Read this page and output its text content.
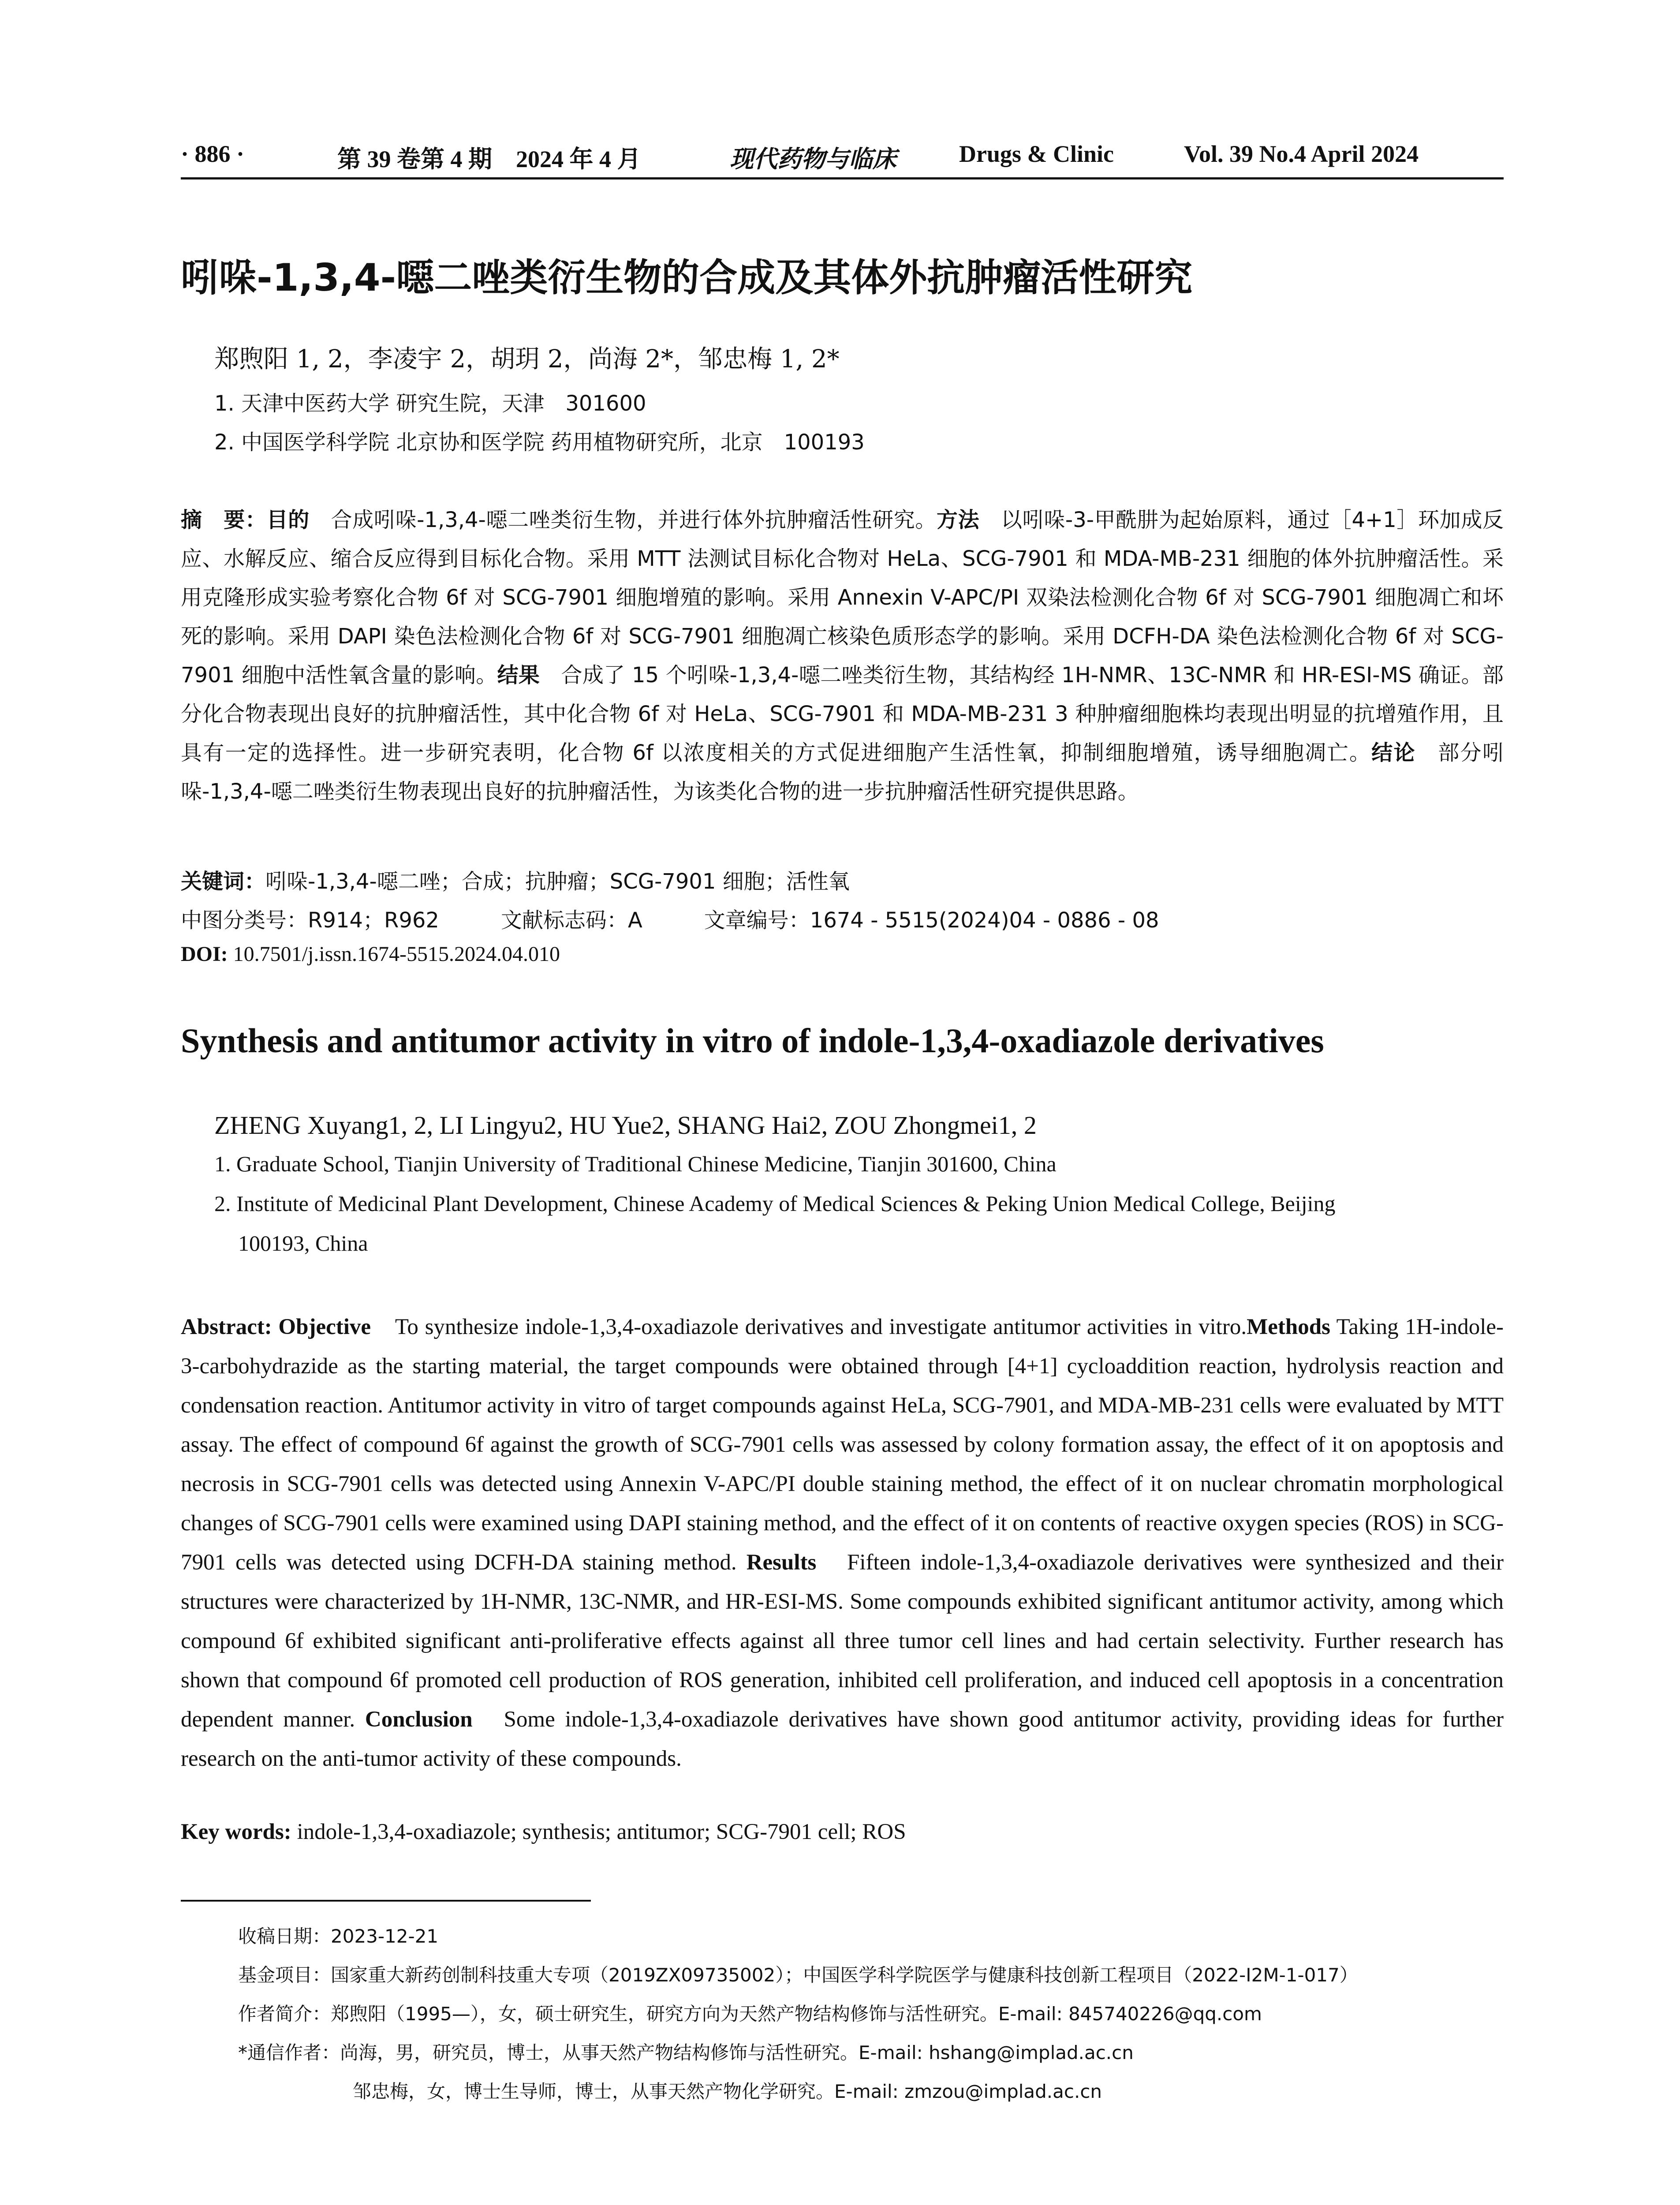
· 886 ·	第 39 卷第 4 期　2024 年 4 月	现代药物与临床	Drugs & Clinic	Vol. 39 No.4 April 2024
吲哚-1,3,4-噁二唑类衍生物的合成及其体外抗肿瘤活性研究
郑煦阳 1, 2，李凌宇 2，胡玥 2，尚海 2*，邹忠梅 1, 2*
1. 天津中医药大学 研究生院，天津　301600
2. 中国医学科学院 北京协和医学院 药用植物研究所，北京　100193
摘　要：目的　合成吲哚-1,3,4-噁二唑类衍生物，并进行体外抗肿瘤活性研究。方法　以吲哚-3-甲酰肼为起始原料，通过［4+1］环加成反应、水解反应、缩合反应得到目标化合物。采用 MTT 法测试目标化合物对 HeLa、SCG-7901 和 MDA-MB-231 细胞的体外抗肿瘤活性。采用克隆形成实验考察化合物 6f 对 SCG-7901 细胞增殖的影响。采用 Annexin V-APC/PI 双染法检测化合物 6f 对 SCG-7901 细胞凋亡和坏死的影响。采用 DAPI 染色法检测化合物 6f 对 SCG-7901 细胞凋亡核染色质形态学的影响。采用 DCFH-DA 染色法检测化合物 6f 对 SCG-7901 细胞中活性氧含量的影响。结果　合成了 15 个吲哚-1,3,4-噁二唑类衍生物，其结构经 1H-NMR、13C-NMR 和 HR-ESI-MS 确证。部分化合物表现出良好的抗肿瘤活性，其中化合物 6f 对 HeLa、SCG-7901 和 MDA-MB-231 3 种肿瘤细胞株均表现出明显的抗增殖作用，且具有一定的选择性。进一步研究表明，化合物 6f 以浓度相关的方式促进细胞产生活性氧，抑制细胞增殖，诱导细胞凋亡。结论　部分吲哚-1,3,4-噁二唑类衍生物表现出良好的抗肿瘤活性，为该类化合物的进一步抗肿瘤活性研究提供思路。
关键词：吲哚-1,3,4-噁二唑；合成；抗肿瘤；SCG-7901 细胞；活性氧
中图分类号：R914；R962	文献标志码：A	文章编号：1674 - 5515(2024)04 - 0886 - 08
DOI: 10.7501/j.issn.1674-5515.2024.04.010
Synthesis and antitumor activity in vitro of indole-1,3,4-oxadiazole derivatives
ZHENG Xuyang1, 2, LI Lingyu2, HU Yue2, SHANG Hai2, ZOU Zhongmei1, 2
1. Graduate School, Tianjin University of Traditional Chinese Medicine, Tianjin 301600, China
2. Institute of Medicinal Plant Development, Chinese Academy of Medical Sciences & Peking Union Medical College, Beijing
100193, China
Abstract: Objective　To synthesize indole-1,3,4-oxadiazole derivatives and investigate antitumor activities in vitro.Methods Taking 1H-indole-3-carbohydrazide as the starting material, the target compounds were obtained through [4+1] cycloaddition reaction, hydrolysis reaction and condensation reaction. Antitumor activity in vitro of target compounds against HeLa, SCG-7901, and MDA-MB-231 cells were evaluated by MTT assay. The effect of compound 6f against the growth of SCG-7901 cells was assessed by colony formation assay, the effect of it on apoptosis and necrosis in SCG-7901 cells was detected using Annexin V-APC/PI double staining method, the effect of it on nuclear chromatin morphological changes of SCG-7901 cells were examined using DAPI staining method, and the effect of it on contents of reactive oxygen species (ROS) in SCG-7901 cells was detected using DCFH-DA staining method. Results　Fifteen indole-1,3,4-oxadiazole derivatives were synthesized and their structures were characterized by 1H-NMR, 13C-NMR, and HR-ESI-MS. Some compounds exhibited significant antitumor activity, among which compound 6f exhibited significant anti-proliferative effects against all three tumor cell lines and had certain selectivity. Further research has shown that compound 6f promoted cell production of ROS generation, inhibited cell proliferation, and induced cell apoptosis in a concentration dependent manner. Conclusion　Some indole-1,3,4-oxadiazole derivatives have shown good antitumor activity, providing ideas for further research on the anti-tumor activity of these compounds.
Key words: indole-1,3,4-oxadiazole; synthesis; antitumor; SCG-7901 cell; ROS
收稿日期：2023-12-21
基金项目：国家重大新药创制科技重大专项（2019ZX09735002）；中国医学科学院医学与健康科技创新工程项目（2022-I2M-1-017）
作者简介：郑煦阳（1995—），女，硕士研究生，研究方向为天然产物结构修饰与活性研究。E-mail: 845740226@qq.com
*通信作者：尚海，男，研究员，博士，从事天然产物结构修饰与活性研究。E-mail: hshang@implad.ac.cn
邹忠梅，女，博士生导师，博士，从事天然产物化学研究。E-mail: zmzou@implad.ac.cn
